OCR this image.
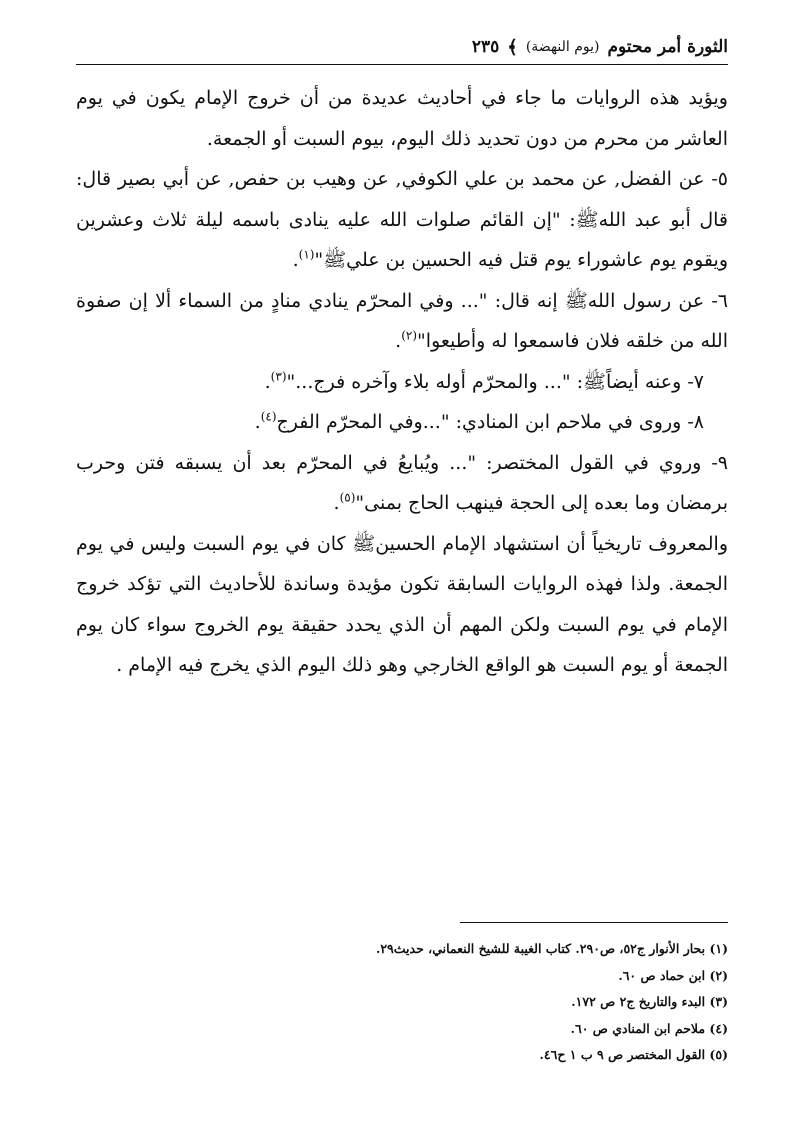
الثورة أمر محتوم
(يوم النهضة)
﴾
٢٣٥

ويؤيد هذه الروايات ما جاء في أحاديث عديدة من أن خروج الإمام يكون في يوم العاشر من محرم من دون تحديد ذلك اليوم، بيوم السبت أو الجمعة.

٥- عن الفضل, عن محمد بن علي الكوفي, عن وهيب بن حفص, عن أبي بصير قال: قال أبو عبد اللهﷺ: "إن القائم صلوات الله عليه ينادى باسمه ليلة ثلاث وعشرين ويقوم يوم عاشوراء يوم قتل فيه الحسين بن عليﷺ"$^{(١)}$.

٦- عن رسول اللهﷺ إنه قال: "... وفي المحرّم ينادي منادٍ من السماء ألا إن صفوة الله من خلقه فلان فاسمعوا له وأطيعوا"$^{(٢)}$.

٧- وعنه أيضاًﷺ: "... والمحرّم أوله بلاء وآخره فرج..."$^{(٣)}$.

٨- وروى في ملاحم ابن المنادي: "...وفي المحرّم الفرج$^{(٤)}$.

٩- وروي في القول المختصر: "... ويُبايعُ في المحرّم بعد أن يسبقه فتن وحرب برمضان وما بعده إلى الحجة فينهب الحاج بمنى"$^{(٥)}$.

والمعروف تاريخياً أن استشهاد الإمام الحسينﷺ كان في يوم السبت وليس في يوم الجمعة. ولذا فهذه الروايات السابقة تكون مؤيدة وساندة للأحاديث التي تؤكد خروج الإمام في يوم السبت ولكن المهم أن الذي يحدد حقيقة يوم الخروج سواء كان يوم الجمعة أو يوم السبت هو الواقع الخارجي وهو ذلك اليوم الذي يخرج فيه الإمام .

(١) بحار الأنوار ج٥٢، ص٢٩٠. كتاب الغيبة للشيخ النعماني، حديث٢٩.
(٢) ابن حماد ص ٦٠.
(٣) البدء والتاريخ ج٢ ص ١٧٢.
(٤) ملاحم ابن المنادي ص ٦٠.
(٥) القول المختصر ص ٩ ب ١ ح٤٦.
